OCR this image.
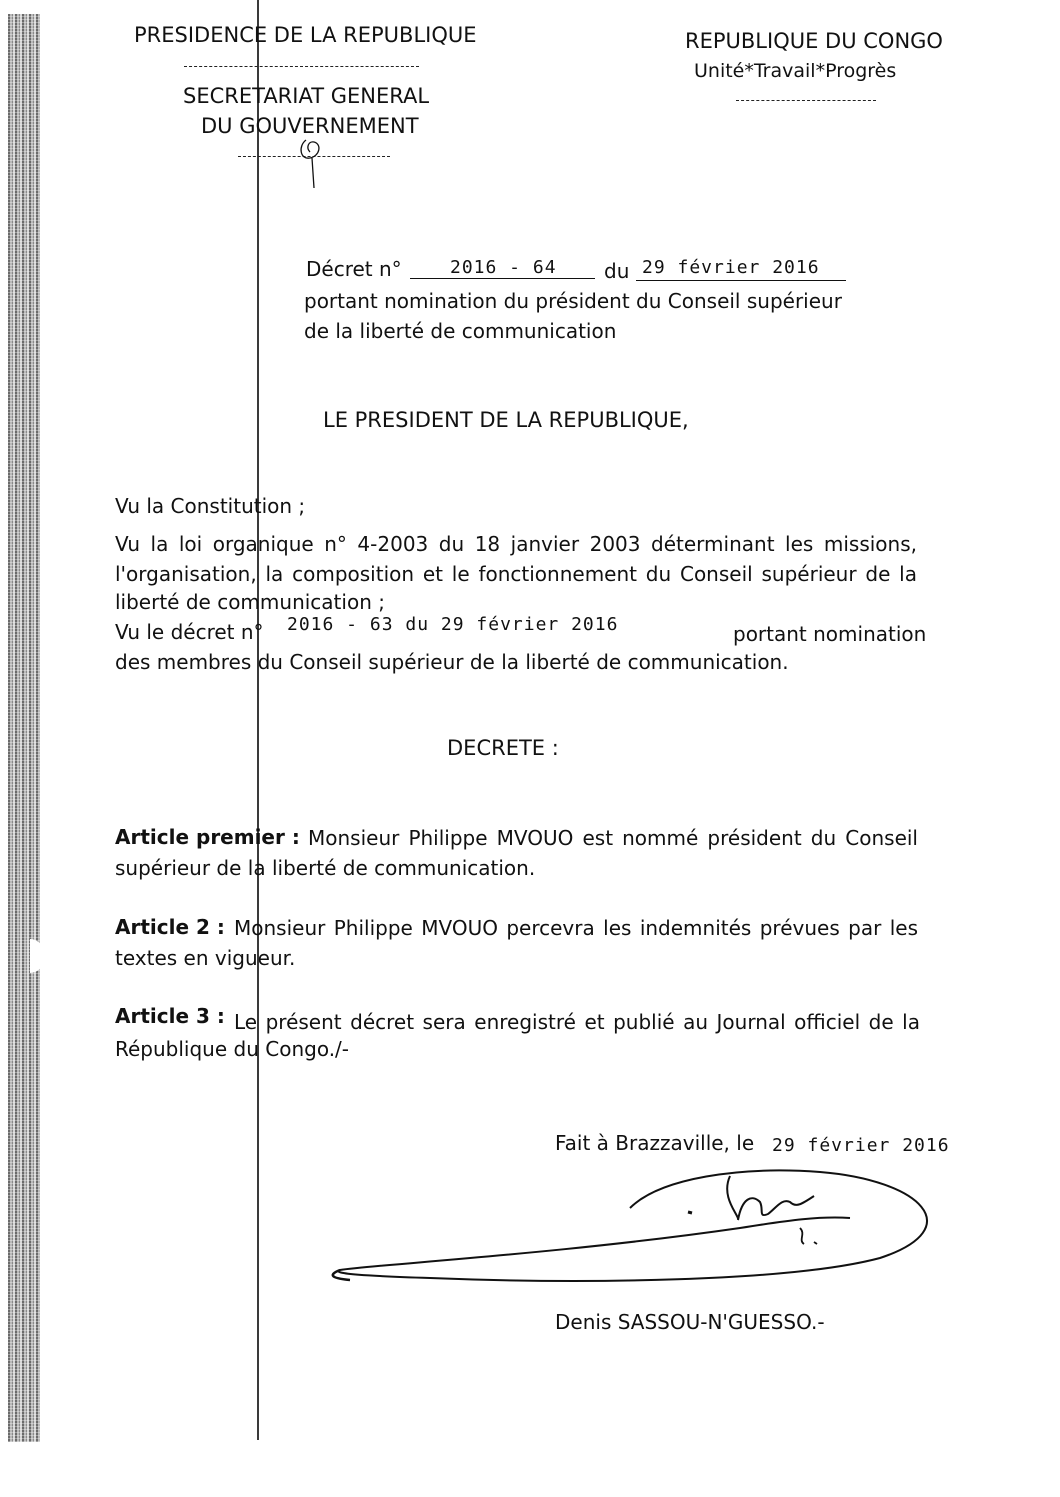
PRESIDENCE DE LA REPUBLIQUE
SECRETARIAT GENERAL
DU GOUVERNEMENT
REPUBLIQUE DU CONGO
Unité*Travail*Progrès
Décret n°	2016 - 64 du 29 février 2016
portant nomination du président du Conseil supérieur
de la liberté de communication
LE PRESIDENT DE LA REPUBLIQUE,
Vu la Constitution ;
Vu la loi organique n° 4-2003 du 18 janvier 2003 déterminant les missions,
l'organisation, la composition et le fonctionnement du Conseil supérieur de la
liberté de communication ;
Vu le décret n° 2016 - 63 du 29 février 2016	portant nomination
des membres du Conseil supérieur de la liberté de communication.
DECRETE :
Article premier : Monsieur Philippe MVOUO est nommé président du Conseil
supérieur de la liberté de communication.
Article 2 : Monsieur Philippe MVOUO percevra les indemnités prévues par les
textes en vigueur.
Article 3 : Le présent décret sera enregistré et publié au Journal officiel de la
République du Congo./-
Fait à Brazzaville, le 29 février 2016
Denis SASSOU-N'GUESSO.-
